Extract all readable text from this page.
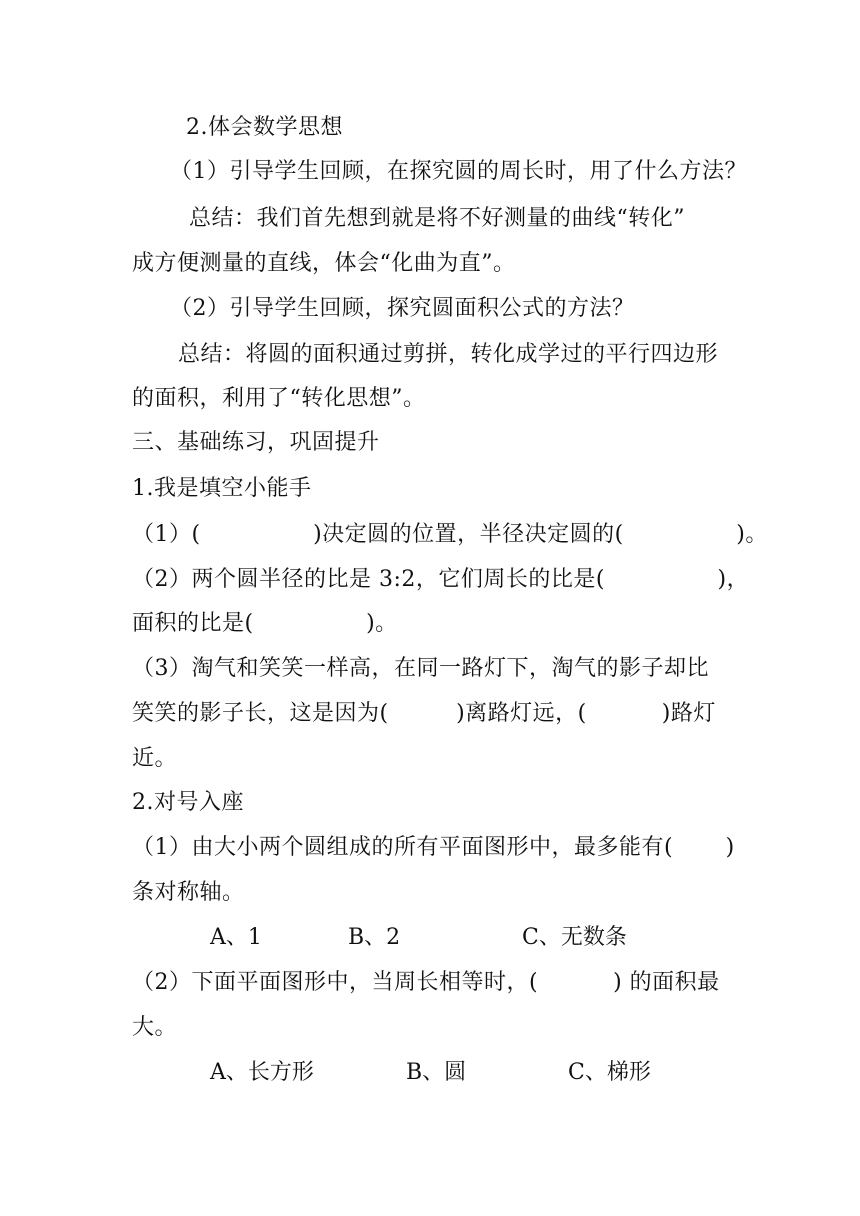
2.体会数学思想
（1）引导学生回顾，在探究圆的周长时，用了什么方法？
总结：我们首先想到就是将不好测量的曲线“转化”
成方便测量的直线，体会“化曲为直”。
（2）引导学生回顾，探究圆面积公式的方法？
总结：将圆的面积通过剪拼，转化成学过的平行四边形
的面积，利用了“转化思想”。
三、基础练习，巩固提升
1.我是填空小能手
（1）(　　　　　)决定圆的位置，半径决定圆的(　　　　　)。
（2）两个圆半径的比是 3:2，它们周长的比是(　　　　　)，
面积的比是(　　　　　)。
（3）淘气和笑笑一样高，在同一路灯下，淘气的影子却比
笑笑的影子长，这是因为(　　　)离路灯远，(　　　 )路灯
近。
2.对号入座
（1）由大小两个圆组成的所有平面图形中，最多能有(　　 )
条对称轴。
A、1	B、2	C、无数条
（2）下面平面图形中，当周长相等时，(　　　 ) 的面积最
大。
A、长方形	B、圆	C、梯形
